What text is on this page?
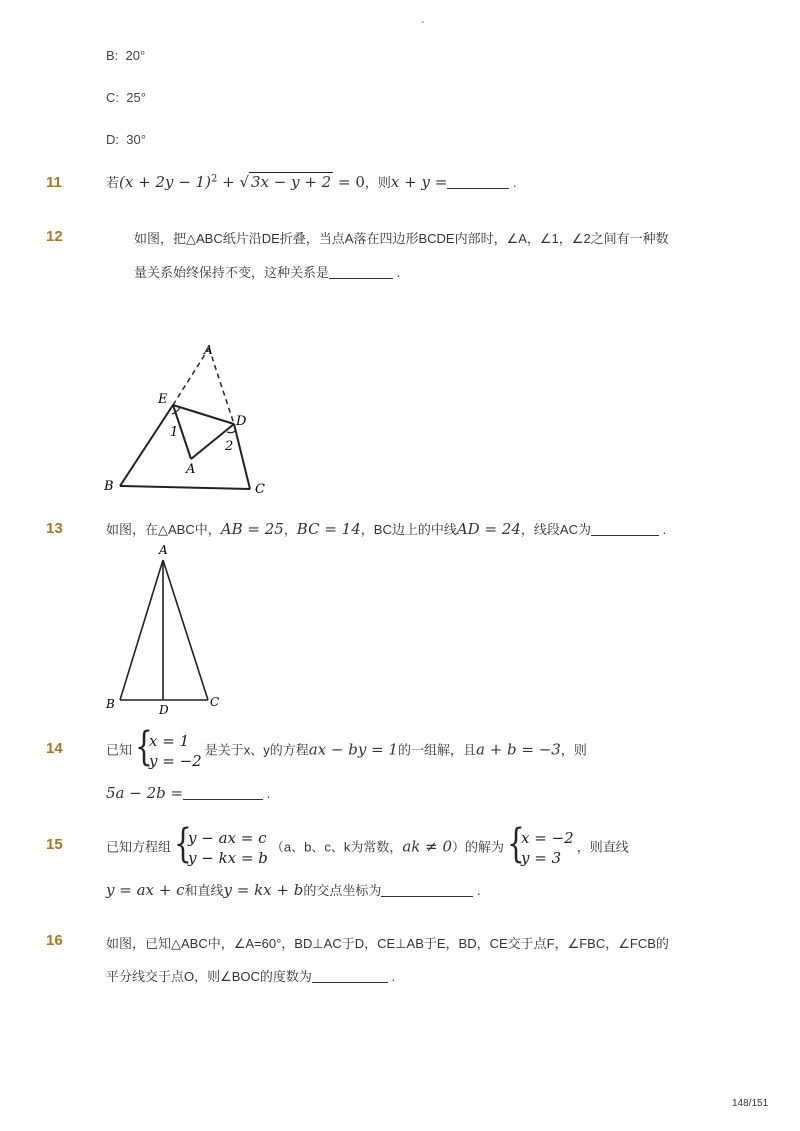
-
B: 20°
C: 25°
D: 30°
11	若$(x + 2y - 1)^2$ + √ 3x − y + 2 = 0，则x + y =	.
12	如图，把△ABC纸片沿DE折叠，当点A落在四边形BCDE内部时，∠A，∠1，∠2之间有一种数
量关系始终保持不变，这种关系是	.
A
E
D
1
2
A
B	C
13	如图，在△ABC中，AB = 25，BC = 14，BC边上的中线AD = 24，线段AC为	.
A
B	C
D
14	已知 {
x = 1
y = −2
是关于x、y的方程ax − by = 1的一组解，且a + b = −3，则
5a − 2b =	.
15	已知方程组 {
y − ax = c
y − kx = b
（a、b、c、k为常数，ak ≠ 0）的解为 {
x = −2
y = 3
，则直线
y = ax + c和直线y = kx + b的交点坐标为	.
16	如图，已知△ABC中，∠A=60°，BD⊥AC于D，CE⊥AB于E，BD，CE交于点F，∠FBC，∠FCB的
平分线交于点O，则∠BOC的度数为	.
148/151
